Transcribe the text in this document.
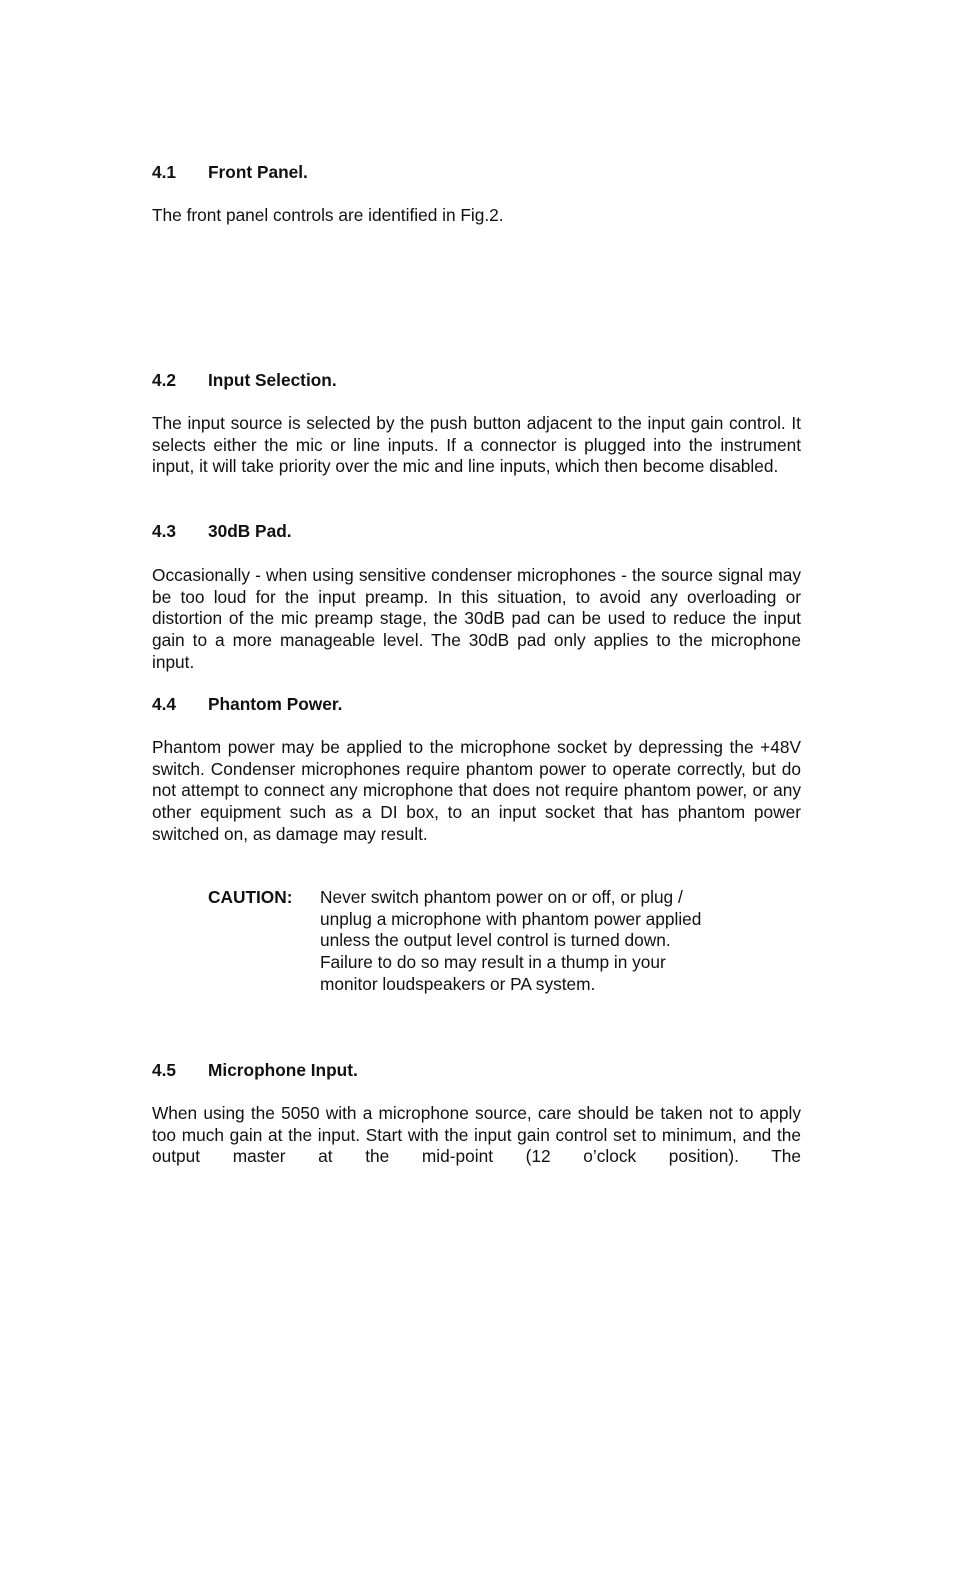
4.1 Front Panel.

The front panel controls are identified in Fig.2.

4.2 Input Selection.

The input source is selected by the push button adjacent to the input gain control. It selects either the mic or line inputs. If a connector is plugged into the instrument input, it will take priority over the mic and line inputs, which then become disabled.

4.3 30dB Pad.

Occasionally - when using sensitive condenser microphones - the source signal may be too loud for the input preamp. In this situation, to avoid any overloading or distortion of the mic preamp stage, the 30dB pad can be used to reduce the input gain to a more manageable level. The 30dB pad only applies to the microphone input.

4.4 Phantom Power.

Phantom power may be applied to the microphone socket by depressing the +48V switch. Condenser microphones require phantom power to operate correctly, but do not attempt to connect any microphone that does not require phantom power, or any other equipment such as a DI box, to an input socket that has phantom power switched on, as damage may result.

CAUTION: Never switch phantom power on or off, or plug /
unplug a microphone with phantom power applied
unless the output level control is turned down.
Failure to do so may result in a thump in your
monitor loudspeakers or PA system.

4.5 Microphone Input.

When using the 5050 with a microphone source, care should be taken not to apply too much gain at the input. Start with the input gain control set to minimum, and the output master at the mid-point (12 o’clock position). The
